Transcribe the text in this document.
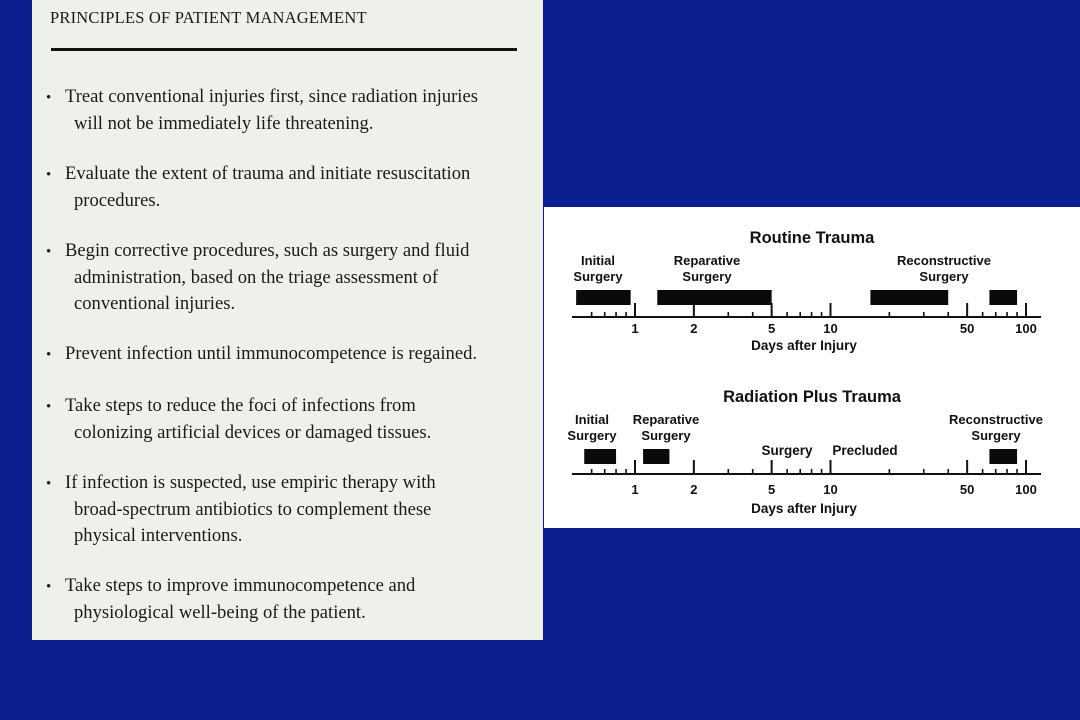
PRINCIPLES OF PATIENT MANAGEMENT
• Treat conventional injuries first, since radiation injuries
will not be immediately life threatening.
• Evaluate the extent of trauma and initiate resuscitation
procedures.
• Begin corrective procedures, such as surgery and fluid
administration, based on the triage assessment of
conventional injuries.
• Prevent infection until immunocompetence is regained.
• Take steps to reduce the foci of infections from
colonizing artificial devices or damaged tissues.
• If infection is suspected, use empiric therapy with
broad-spectrum antibiotics to complement these
physical interventions.
• Take steps to improve immunocompetence and
physiological well-being of the patient.
Routine Trauma
1	2	5	10	50	100
Days after Injury
Initial
Surgery
Reparative
Surgery
Reconstructive
Surgery
Radiation Plus Trauma
1	2	5	10	50	100
Days after Injury
Initial
Surgery
Reparative
Surgery
Reconstructive
Surgery
Surgery Precluded
